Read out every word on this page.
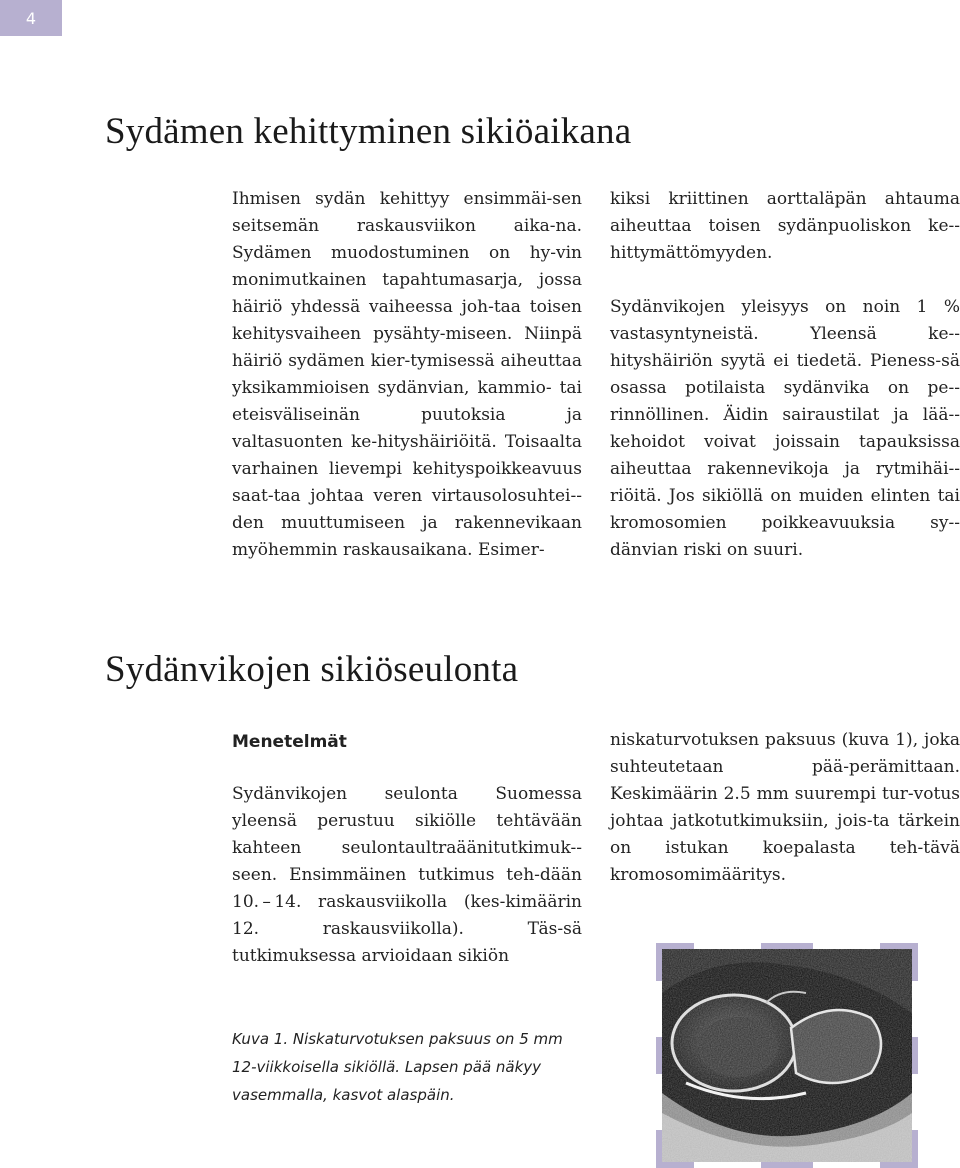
4
Sydämen kehittyminen sikiöaikana

Ihmisen sydän kehittyy ensimmäi-sen seitsemän raskausviikon aika-na. Sydämen muodostuminen on hy-vin monimutkainen tapahtumasarja, jossa häiriö yhdessä vaiheessa joh-taa toisen kehitysvaiheen pysähty-miseen. Niinpä häiriö sydämen kier-tymisessä aiheuttaa yksikammioisen sydänvian, kammio- tai eteisväliseinän puutoksia ja valtasuonten ke-hityshäiriöitä. Toisaalta varhainen lievempi kehityspoikkeavuus saat-taa johtaa veren virtausolosuhtei-den muuttumiseen ja rakennevikaan myöhemmin raskausaikana. Esimer-

kiksi kriittinen aorttaläpän ahtauma aiheuttaa toisen sydänpuoliskon ke-hittymättömyyden.

Sydänvikojen yleisyys on noin 1 % vastasyntyneistä. Yleensä ke-hityshäiriön syytä ei tiedetä. Pieness-sä osassa potilaista sydänvika on pe-rinnöllinen. Äidin sairaustilat ja lää-kehoidot voivat joissain tapauksissa aiheuttaa rakennevikoja ja rytmihäi-riöitä. Jos sikiöllä on muiden elinten tai kromosomien poikkeavuuksia sy-dänvian riski on suuri.

Sydänvikojen sikiöseulonta
Menetelmät

Sydänvikojen seulonta Suomessa yleensä perustuu sikiölle tehtävään kahteen seulontaultraäänitutkimuk-seen. Ensimmäinen tutkimus teh-dään 10. – 14. raskausviikolla (kes-kimäärin 12. raskausviikolla). Täs-sä tutkimuksessa arvioidaan sikiön

niskaturvotuksen paksuus (kuva 1), joka suhteutetaan pää-perämittaan. Keskimäärin 2.5 mm suurempi tur-votus johtaa jatkotutkimuksiin, jois-ta tärkein on istukan koepalasta teh-tävä kromosomimääritys.

Kuva 1. Niskaturvotuksen paksuus on 5 mm
12-viikkoisella sikiöllä. Lapsen pää näkyy
vasemmalla, kasvot alaspäin.
